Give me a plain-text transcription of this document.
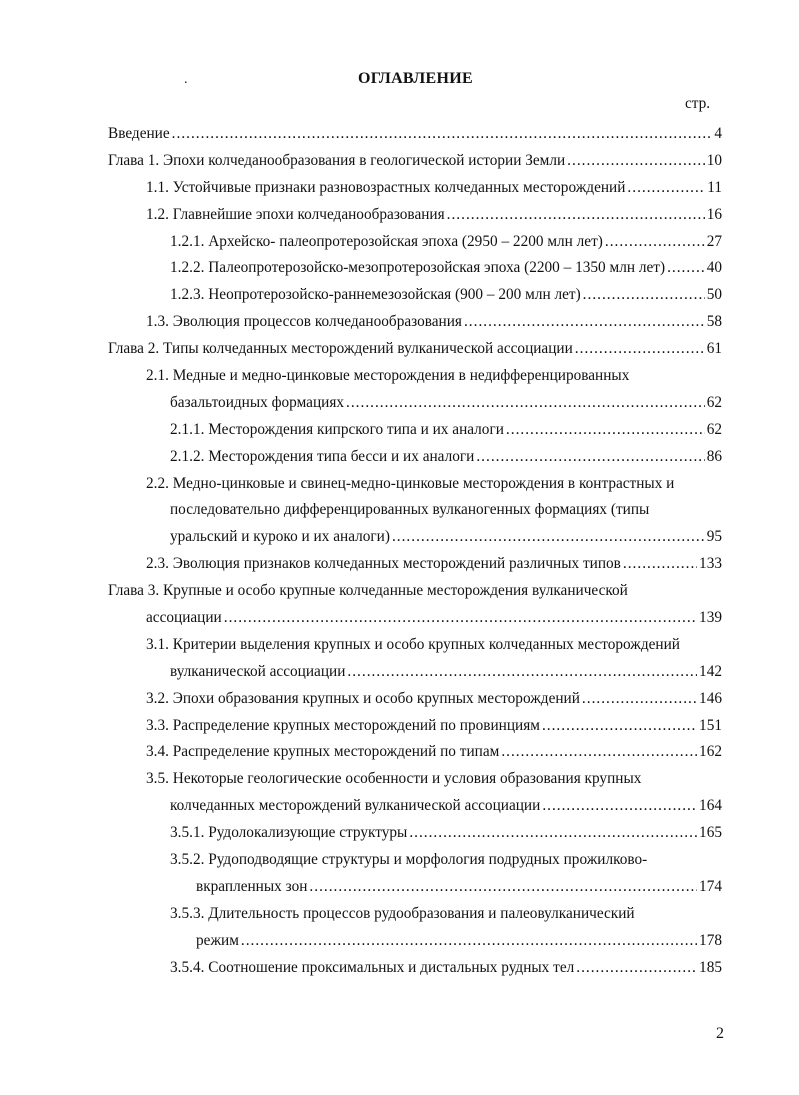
ОГЛАВЛЕНИЕ
.
стр.
Введение .....	4
Глава 1. Эпохи колчеданообразования в геологической истории Земли .....	10
1.1. Устойчивые признаки разновозрастных колчеданных месторождений .....	11
1.2. Главнейшие эпохи колчеданообразования .....	16
1.2.1. Архейско- палеопротерозойская эпоха (2950 – 2200 млн лет) .....	27
1.2.2. Палеопротерозойско-мезопротерозойская эпоха (2200 – 1350 млн лет) .....	40
1.2.3. Неопротерозойско-раннемезозойская (900 – 200 млн лет) .....	50
1.3. Эволюция процессов колчеданообразования .....	58
Глава 2. Типы колчеданных месторождений вулканической ассоциации .....	61
2.1. Медные и медно-цинковые месторождения в недифференцированных
базальтоидных формациях .....	62
2.1.1. Месторождения кипрского типа и их аналоги .....	62
2.1.2. Месторождения типа бесси и их аналоги .....	86
2.2. Медно-цинковые и свинец-медно-цинковые месторождения в контрастных и
последовательно дифференцированных вулканогенных формациях (типы
уральский и куроко и их аналоги) .....	95
2.3. Эволюция признаков колчеданных месторождений различных типов .....	133
Глава 3. Крупные и особо крупные колчеданные месторождения вулканической
ассоциации .....	139
3.1. Критерии выделения крупных и особо крупных колчеданных месторождений
вулканической ассоциации .....	142
3.2. Эпохи образования крупных и особо крупных месторождений .....	146
3.3. Распределение крупных месторождений по провинциям .....	151
3.4. Распределение крупных месторождений по типам .....	162
3.5. Некоторые геологические особенности и условия образования крупных
колчеданных месторождений вулканической ассоциации .....	164
3.5.1. Рудолокализующие структуры .....	165
3.5.2. Рудоподводящие структуры и морфология подрудных прожилково-
вкрапленных зон .....	174
3.5.3. Длительность процессов рудообразования и палеовулканический
режим .....	178
3.5.4. Соотношение проксимальных и дистальных рудных тел .....	185
2
